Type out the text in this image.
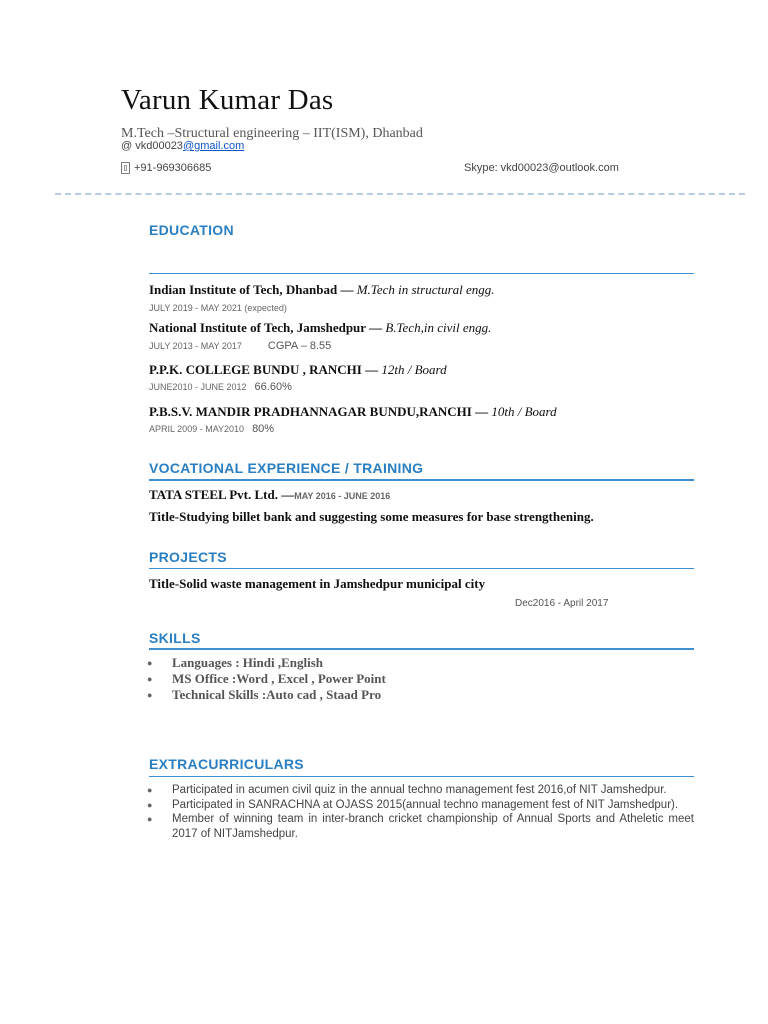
Varun Kumar Das
M.Tech –Structural engineering – IIT(ISM), Dhanbad
@ vkd00023@gmail.com
+91-969306685	Skype: vkd00023@outlook.com
EDUCATION
Indian Institute of Tech, Dhanbad — M.Tech in structural engg.
JULY 2019 - MAY 2021 (expected)
National Institute of Tech, Jamshedpur — B.Tech,in civil engg.
JULY 2013 - MAY 2017 CGPA – 8.55
P.P.K. COLLEGE BUNDU , RANCHI — 12th / Board
JUNE2010 - JUNE 2012 66.60%
P.B.S.V. MANDIR PRADHANNAGAR BUNDU,RANCHI — 10th / Board
APRIL 2009 - MAY2010 80%
VOCATIONAL EXPERIENCE / TRAINING
TATA STEEL Pvt. Ltd. —MAY 2016 - JUNE 2016
Title-Studying billet bank and suggesting some measures for base strengthening.
PROJECTS
Title-Solid waste management in Jamshedpur municipal city
Dec2016 - April 2017
SKILLS
●	Languages : Hindi ,English
●	MS Office :Word , Excel , Power Point
●	Technical Skills :Auto cad , Staad Pro
EXTRACURRICULARS
●	Participated in acumen civil quiz in the annual techno management fest 2016,of NIT Jamshedpur.
●	Participated in SANRACHNA at OJASS 2015(annual techno management fest of NIT Jamshedpur).
●	Member of winning team in inter-branch cricket championship of Annual Sports and Atheletic meet 2017 of NITJamshedpur.
